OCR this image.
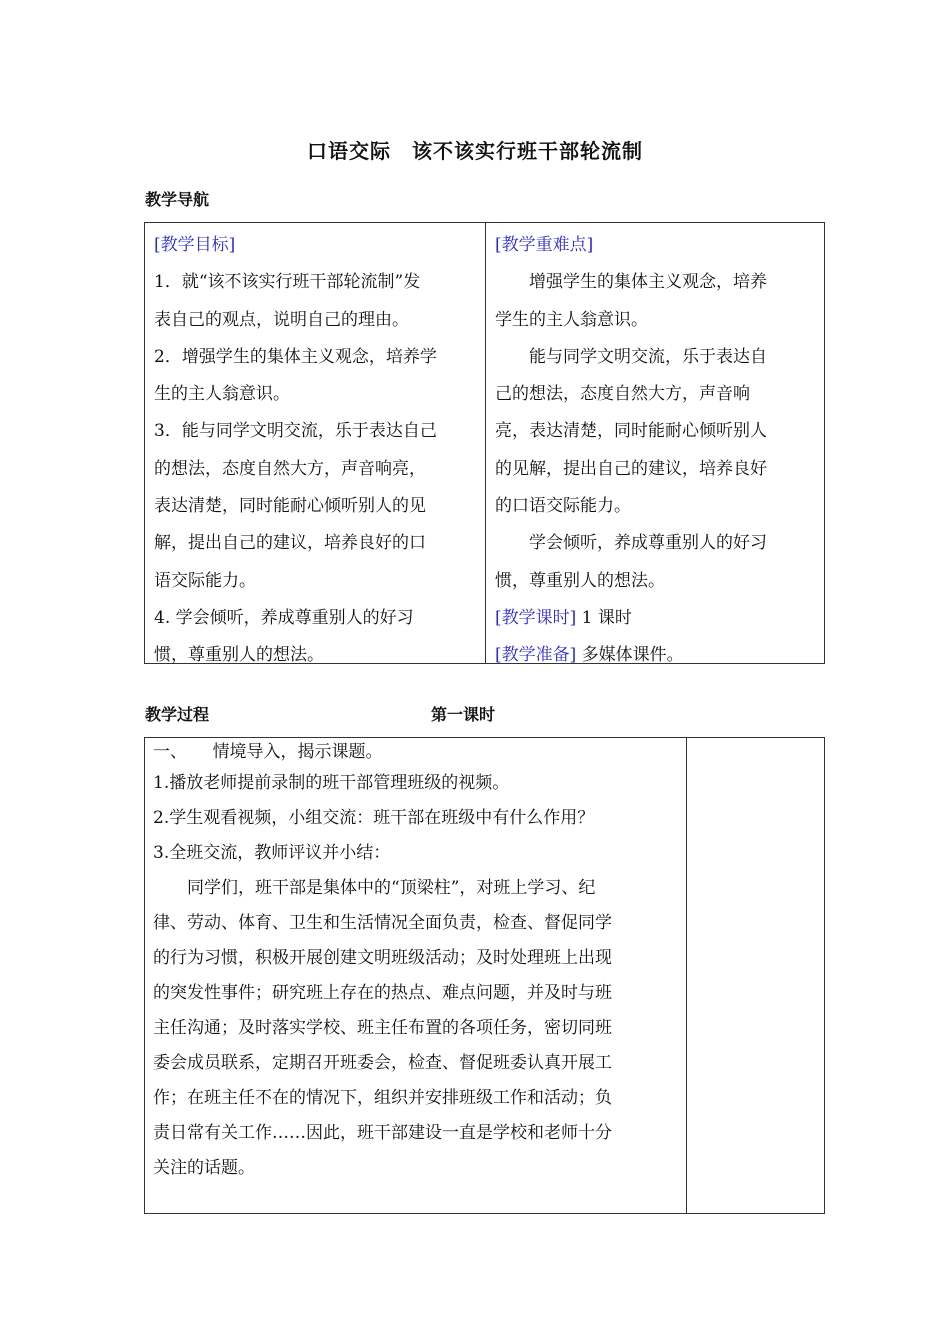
口语交际　该不该实行班干部轮流制
教学导航
[教学目标]
1．就“该不该实行班干部轮流制”发
表自己的观点，说明自己的理由。
2．增强学生的集体主义观念，培养学
生的主人翁意识。
3．能与同学文明交流，乐于表达自己
的想法，态度自然大方，声音响亮，
表达清楚，同时能耐心倾听别人的见
解，提出自己的建议，培养良好的口
语交际能力。
4. 学会倾听，养成尊重别人的好习
惯，尊重别人的想法。
[教学重难点]
增强学生的集体主义观念，培养
学生的主人翁意识。
能与同学文明交流，乐于表达自
己的想法，态度自然大方，声音响
亮，表达清楚，同时能耐心倾听别人
的见解，提出自己的建议，培养良好
的口语交际能力。
学会倾听，养成尊重别人的好习
惯，尊重别人的想法。
[教学课时] 1 课时
[教学准备] 多媒体课件。
教学过程	第一课时
一、　　情境导入，揭示课题。
1.播放老师提前录制的班干部管理班级的视频。
2.学生观看视频，小组交流：班干部在班级中有什么作用？
3.全班交流，教师评议并小结：
同学们，班干部是集体中的“顶梁柱”，对班上学习、纪
律、劳动、体育、卫生和生活情况全面负责，检查、督促同学
的行为习惯，积极开展创建文明班级活动；及时处理班上出现
的突发性事件；研究班上存在的热点、难点问题，并及时与班
主任沟通；及时落实学校、班主任布置的各项任务，密切同班
委会成员联系，定期召开班委会，检查、督促班委认真开展工
作；在班主任不在的情况下，组织并安排班级工作和活动；负
责日常有关工作……因此，班干部建设一直是学校和老师十分
关注的话题。
